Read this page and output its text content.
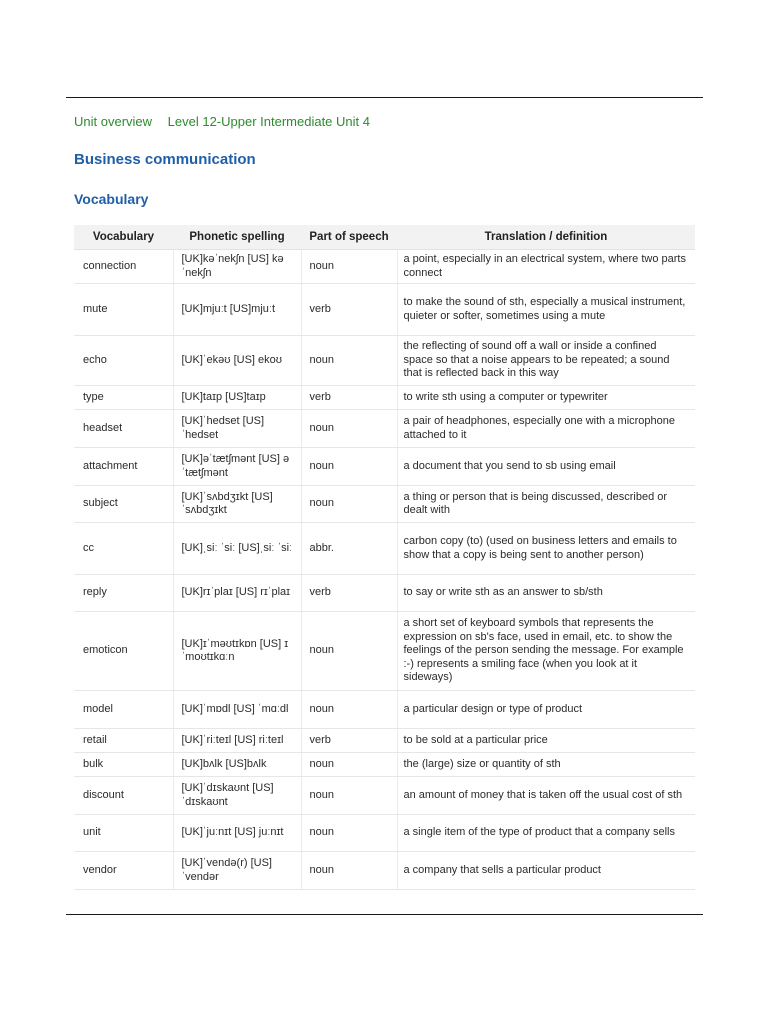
Unit overview Level 12-Upper Intermediate Unit 4
Business communication
Vocabulary
Vocabulary	Phonetic spelling	Part of speech	Translation / definition
connection	[UK]kəˈnekʃn [US] kəˈnekʃn	noun	a point, especially in an electrical system, where two parts connect
mute	[UK]mjuːt [US]mjuːt	verb	to make the sound of sth, especially a musical instrument, quieter or softer, sometimes using a mute
echo	[UK]ˈekəʊ [US] ekoʊ	noun	the reflecting of sound off a wall or inside a confined space so that a noise appears to be repeated; a sound that is reflected back in this way
type	[UK]taɪp [US]taɪp	verb	to write sth using a computer or typewriter
headset	[UK]ˈhedset [US] ˈhedset	noun	a pair of headphones, especially one with a microphone attached to it
attachment	[UK]əˈtætʃmənt [US] əˈtætʃmənt	noun	a document that you send to sb using email
subject	[UK]ˈsʌbdʒɪkt [US] ˈsʌbdʒɪkt	noun	a thing or person that is being discussed, described or dealt with
cc	[UK]ˌsiː ˈsiː [US]ˌsiː ˈsiː	abbr.	carbon copy (to) (used on business letters and emails to show that a copy is being sent to another person)
reply	[UK]rɪˈplaɪ [US] rɪˈplaɪ	verb	to say or write sth as an answer to sb/sth
emoticon	[UK]ɪˈməʊtɪkɒn [US] ɪˈmoʊtɪkɑːn	noun	a short set of keyboard symbols that represents the expression on sb's face, used in email, etc. to show the feelings of the person sending the message. For example :-) represents a smiling face (when you look at it sideways)
model	[UK]ˈmɒdl [US] ˈmɑːdl	noun	a particular design or type of product
retail	[UK]ˈriːteɪl [US] riːteɪl	verb	to be sold at a particular price
bulk	[UK]bʌlk [US]bʌlk	noun	the (large) size or quantity of sth
discount	[UK]ˈdɪskaʊnt [US] ˈdɪskaʊnt	noun	an amount of money that is taken off the usual cost of sth
unit	[UK]ˈjuːnɪt [US] juːnɪt	noun	a single item of the type of product that a company sells
vendor	[UK]ˈvendə(r) [US] ˈvendər	noun	a company that sells a particular product
